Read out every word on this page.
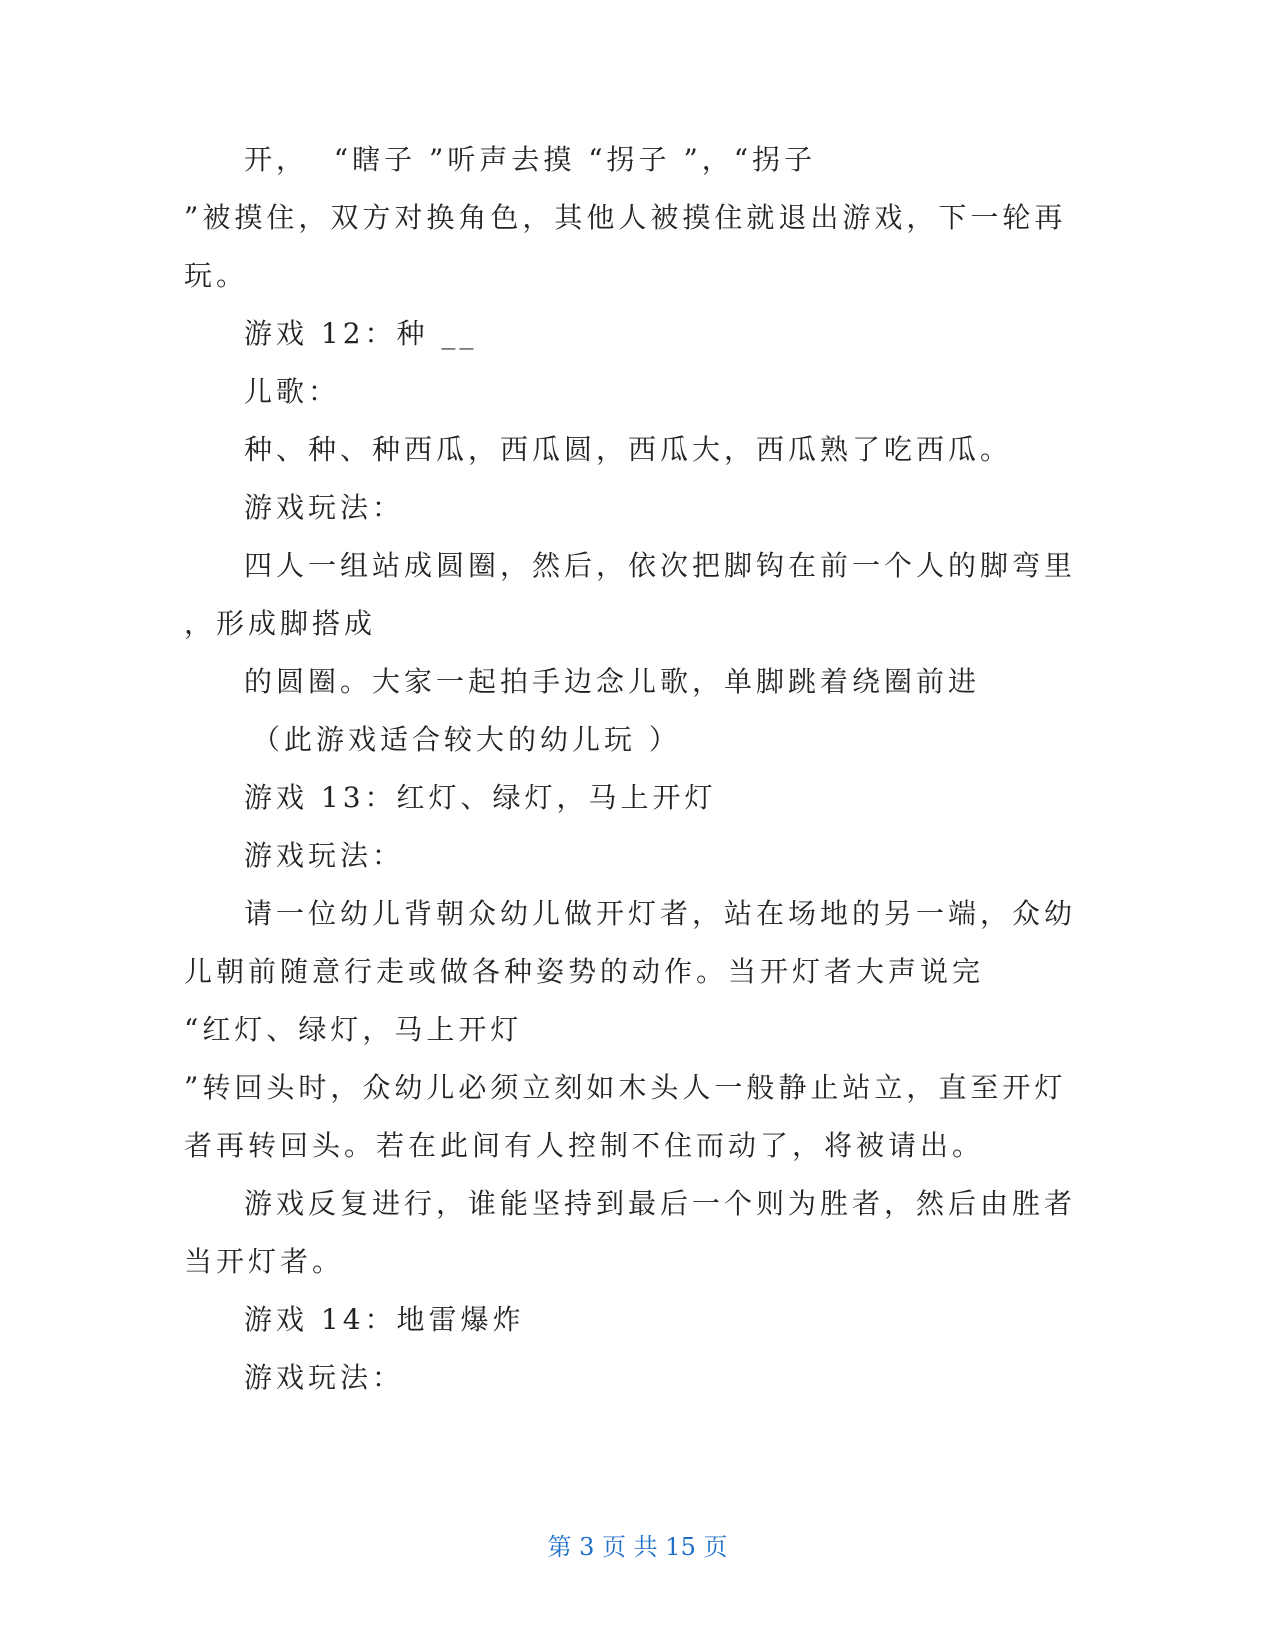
开，  “瞎子 ”听声去摸 “拐子 ”，“拐子
”被摸住，双方对换角色，其他人被摸住就退出游戏，下一轮再
玩。
游戏 12：种 __
儿歌：
种、种、种西瓜，西瓜圆，西瓜大，西瓜熟了吃西瓜。
游戏玩法：
四人一组站成圆圈，然后，依次把脚钩在前一个人的脚弯里
，形成脚搭成
的圆圈。大家一起拍手边念儿歌，单脚跳着绕圈前进
（此游戏适合较大的幼儿玩 ）
游戏 13：红灯、绿灯，马上开灯
游戏玩法：
请一位幼儿背朝众幼儿做开灯者，站在场地的另一端，众幼
儿朝前随意行走或做各种姿势的动作。当开灯者大声说完
“红灯、绿灯，马上开灯
”转回头时，众幼儿必须立刻如木头人一般静止站立，直至开灯
者再转回头。若在此间有人控制不住而动了，将被请出。
游戏反复进行，谁能坚持到最后一个则为胜者，然后由胜者
当开灯者。
游戏 14：地雷爆炸
游戏玩法：
第 3 页 共 15 页
